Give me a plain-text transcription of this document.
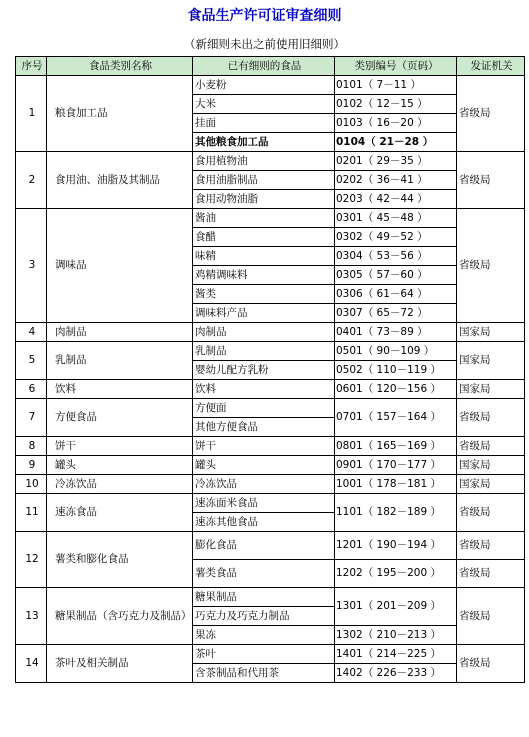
食品生产许可证审查细则
（新细则未出之前使用旧细则）
序号	食品类别名称	已有细则的食品	类别编号（页码）	发证机关
1	粮食加工品	小麦粉	0101（ 7－11 ）	省级局
		大米	0102（ 12－15 ）	
		挂面	0103（ 16－20 ）	
		其他粮食加工品	0104（ 21－28 ）	
2	食用油、油脂及其制品	食用植物油	0201（ 29－35 ）	省级局
		食用油脂制品	0202（ 36－41 ）	
		食用动物油脂	0203（ 42－44 ）	
3	调味品	酱油	0301（ 45－48 ）	省级局
		食醋	0302（ 49－52 ）	
		味精	0304（ 53－56 ）	
		鸡精调味料	0305（ 57－60 ）	
		酱类	0306（ 61－64 ）	
		调味料产品	0307（ 65－72 ）	
4	肉制品	肉制品	0401（ 73－89 ）	国家局
5	乳制品	乳制品	0501（ 90－109 ）	国家局
		婴幼儿配方乳粉	0502（ 110－119 ）	
6	饮料	饮料	0601（ 120－156 ）	国家局
7	方便食品	方便面	0701（ 157－164 ）	省级局
		其他方便食品		
8	饼干	饼干	0801（ 165－169 ）	省级局
9	罐头	罐头	0901（ 170－177 ）	国家局
10	冷冻饮品	冷冻饮品	1001（ 178－181 ）	国家局
11	速冻食品	速冻面米食品	1101（ 182－189 ）	省级局
		速冻其他食品		
12	薯类和膨化食品	膨化食品	1201（ 190－194 ）	省级局
		薯类食品	1202（ 195－200 ）	省级局
13	糖果制品（含巧克力及制品）	糖果制品	1301（ 201－209 ）	省级局
		巧克力及巧克力制品		
		果冻	1302（ 210－213 ）	
14	茶叶及相关制品	茶叶	1401（ 214－225 ）	省级局
		含茶制品和代用茶	1402（ 226－233 ）	
